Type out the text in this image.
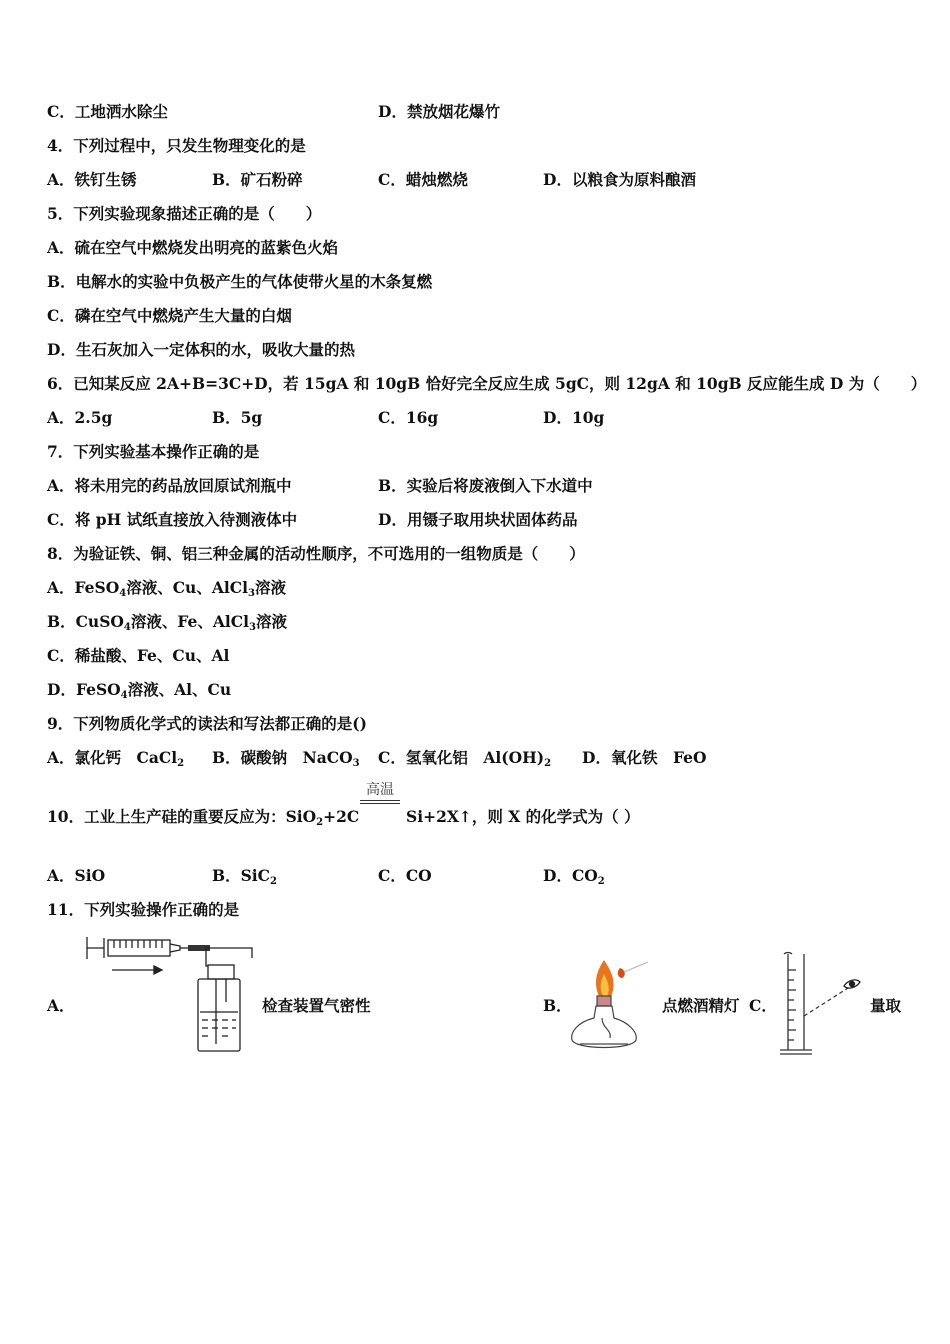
C．工地洒水除尘	D．禁放烟花爆竹
4．下列过程中，只发生物理变化的是
A．铁钉生锈	B．矿石粉碎	C．蜡烛燃烧	D．以粮食为原料酿酒
5．下列实验现象描述正确的是（　　）
A．硫在空气中燃烧发出明亮的蓝紫色火焰
B．电解水的实验中负极产生的气体使带火星的木条复燃
C．磷在空气中燃烧产生大量的白烟
D．生石灰加入一定体积的水，吸收大量的热
6．已知某反应 2A+B=3C+D，若 15gA 和 10gB 恰好完全反应生成 5gC，则 12gA 和 10gB 反应能生成 D 为（　　）
A．2.5g	B．5g	C．16g	D．10g
7．下列实验基本操作正确的是
A．将未用完的药品放回原试剂瓶中	B．实验后将废液倒入下水道中
C．将 pH 试纸直接放入待测液体中	D．用镊子取用块状固体药品
8．为验证铁、铜、铝三种金属的活动性顺序，不可选用的一组物质是（　　）
A．FeSO$_4$溶液、Cu、AlCl$_3$溶液
B．CuSO$_4$溶液、Fe、AlCl$_3$溶液
C．稀盐酸、Fe、Cu、Al
D．FeSO$_4$溶液、Al、Cu
9．下列物质化学式的读法和写法都正确的是()
A．氯化钙　CaCl$_2$ B．碳酸钠　NaCO$_3$ C．氢氧化铝　$Al(OH)_2$ D．氧化铁　FeO
10．工业上生产硅的重要反应为：SiO$_2$+2C
高温
Si+2X↑，则 X 的化学式为（ ）
A．SiO	B．SiC$_2$	C．CO	D．$CO_2$
11．下列实验操作正确的是
A．	检查装置气密性	B．	点燃酒精灯 C．	量取
